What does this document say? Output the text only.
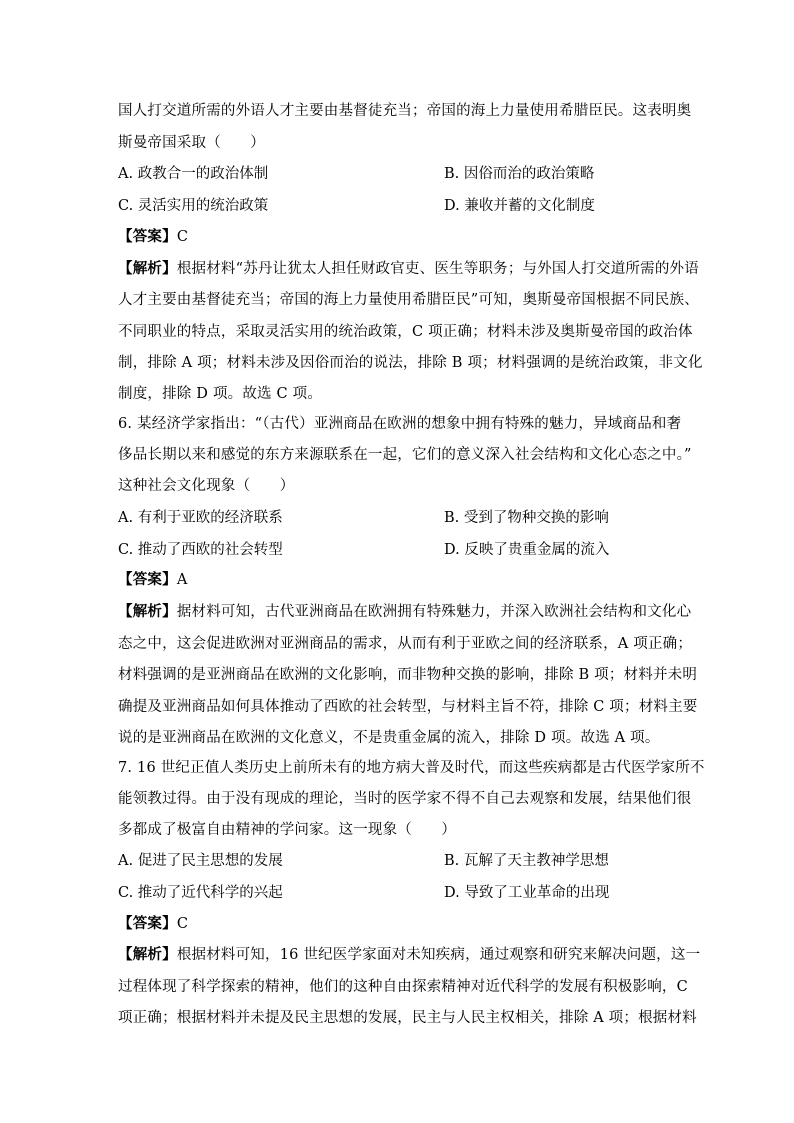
国人打交道所需的外语人才主要由基督徒充当；帝国的海上力量使用希腊臣民。这表明奥
斯曼帝国采取（　　）
A. 政教合一的政治体制	B. 因俗而治的政治策略
C. 灵活实用的统治政策	D. 兼收并蓄的文化制度
【答案】C
【解析】根据材料“苏丹让犹太人担任财政官吏、医生等职务；与外国人打交道所需的外语
人才主要由基督徒充当；帝国的海上力量使用希腊臣民”可知，奥斯曼帝国根据不同民族、
不同职业的特点，采取灵活实用的统治政策，C 项正确；材料未涉及奥斯曼帝国的政治体
制，排除 A 项；材料未涉及因俗而治的说法，排除 B 项；材料强调的是统治政策，非文化
制度，排除 D 项。故选 C 项。
6. 某经济学家指出：“（古代）亚洲商品在欧洲的想象中拥有特殊的魅力，异域商品和奢
侈品长期以来和感觉的东方来源联系在一起，它们的意义深入社会结构和文化心态之中。”
这种社会文化现象（　　）
A. 有利于亚欧的经济联系	B. 受到了物种交换的影响
C. 推动了西欧的社会转型	D. 反映了贵重金属的流入
【答案】A
【解析】据材料可知，古代亚洲商品在欧洲拥有特殊魅力，并深入欧洲社会结构和文化心
态之中，这会促进欧洲对亚洲商品的需求，从而有利于亚欧之间的经济联系，A 项正确；
材料强调的是亚洲商品在欧洲的文化影响，而非物种交换的影响，排除 B 项；材料并未明
确提及亚洲商品如何具体推动了西欧的社会转型，与材料主旨不符，排除 C 项；材料主要
说的是亚洲商品在欧洲的文化意义，不是贵重金属的流入，排除 D 项。故选 A 项。
7. 16 世纪正值人类历史上前所未有的地方病大普及时代，而这些疾病都是古代医学家所不
能领教过得。由于没有现成的理论，当时的医学家不得不自己去观察和发展，结果他们很
多都成了极富自由精神的学问家。这一现象（　　）
A. 促进了民主思想的发展	B. 瓦解了天主教神学思想
C. 推动了近代科学的兴起	D. 导致了工业革命的出现
【答案】C
【解析】根据材料可知，16 世纪医学家面对未知疾病，通过观察和研究来解决问题，这一
过程体现了科学探索的精神，他们的这种自由探索精神对近代科学的发展有积极影响，C
项正确；根据材料并未提及民主思想的发展，民主与人民主权相关，排除 A 项；根据材料
